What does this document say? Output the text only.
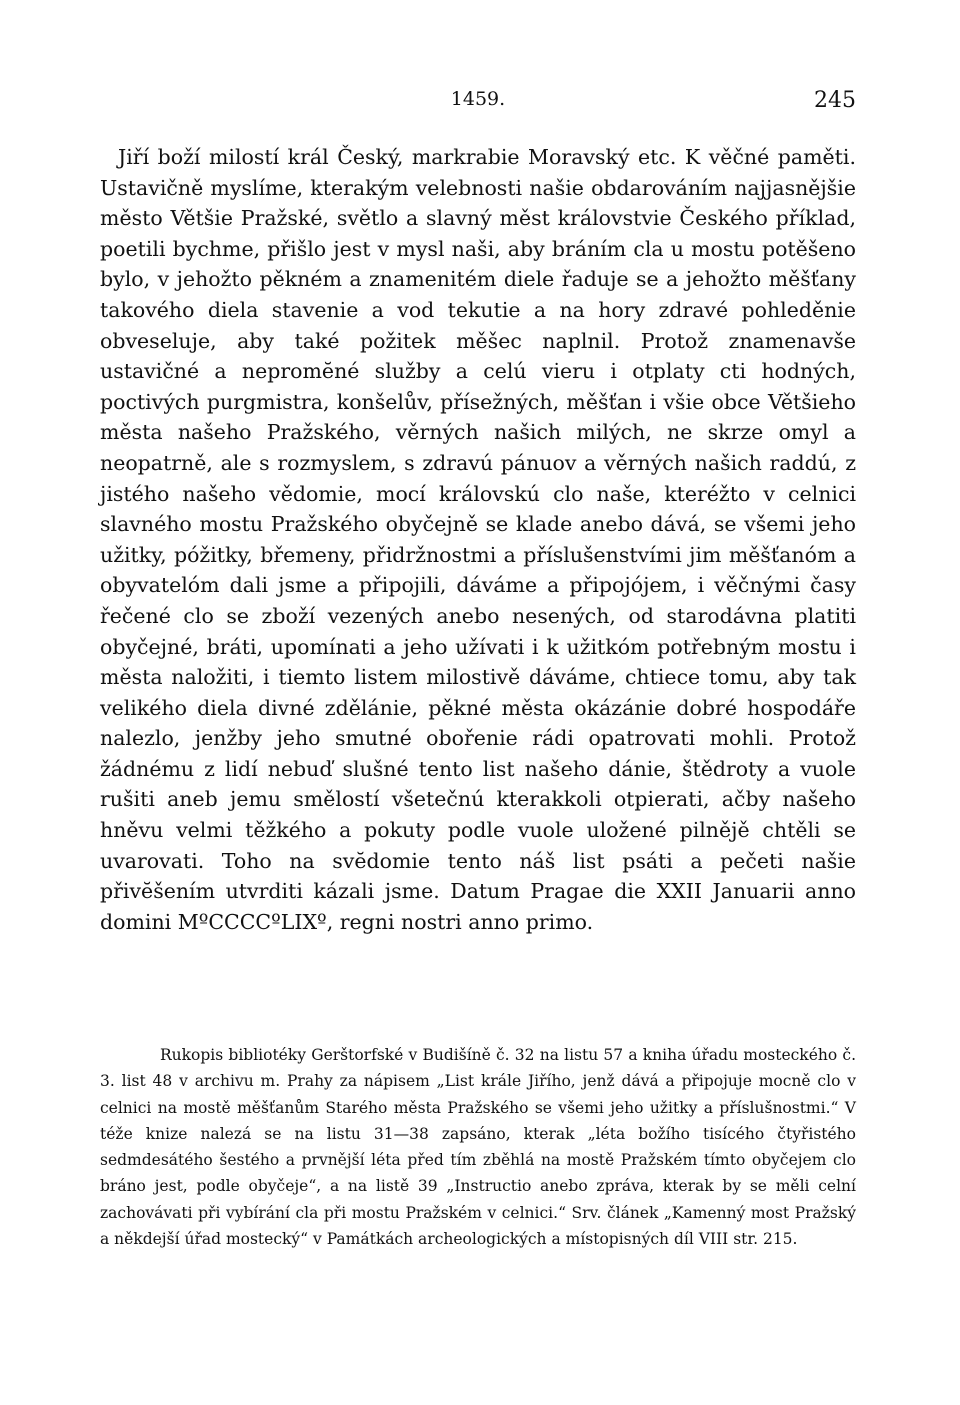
1459.	245

Jiří boží milostí král Český, markrabie Moravský etc. K věčné paměti. Ustavičně myslíme, kterakým velebnosti našie obdarováním najjasnějšie město Většie Pražské, světlo a slavný měst královstvie Českého příklad, poetili bychme, přišlo jest v mysl naši, aby bráním cla u mostu potěšeno bylo, v jehožto pěkném a znamenitém diele řaduje se a jehožto měšťany takového diela stavenie a vod tekutie a na hory zdravé pohleděnie obveseluje, aby také požitek měšec naplnil. Protož znamenavše ustavičné a nepromĕné služby a celú vieru i otplaty cti hodných, poctivých purgmistra, konšelův, přísežných, měšťan i všie obce Většieho města našeho Pražského, věrných našich milých, ne skrze omyl a neopatrně, ale s rozmyslem, s zdravú pánuov a věrných našich raddú, z jistého našeho vědomie, mocí královskú clo naše, kteréžto v celnici slavného mostu Pražského obyčejně se klade anebo dává, se všemi jeho užitky, póžitky, břemeny, přidržnostmi a příslušenstvími jim měšťanóm a obyvatelóm dali jsme a připojili, dáváme a připojójem, i věčnými časy řečené clo se zboží vezených anebo nesených, od starodávna platiti obyčejné, bráti, upomínati a jeho užívati i k užitkóm potřebným mostu i města naložiti, i tiemto listem milostivě dáváme, chtiece tomu, aby tak velikého diela divné zdělánie, pěkné města okázánie dobré hospodáře nalezlo, jenžby jeho smutné obořenie rádi opatrovati mohli. Protož žádnému z lidí nebuď slušné tento list našeho dánie, štědroty a vuole rušiti aneb jemu smělostí všetečnú kterakkoli otpierati, ačby našeho hněvu velmi těžkého a pokuty podle vuole uložené pilnějě chtěli se uvarovati. Toho na svĕdomie tento náš list psáti a pečeti našie přivĕšením utvrditi kázali jsme. Datum Pragae die XXII Januarii anno domini MºCCCCºLIXº, regni nostri anno primo.

Rukopis bibliotéky Gerštorfské v Budišíně č. 32 na listu 57 a kniha úřadu mosteckého č. 3. list 48 v archivu m. Prahy za nápisem „List krále Jiřího, jenž dává a připojuje mocně clo v celnici na mostě měšťanům Starého města Pražského se všemi jeho užitky a příslušnostmi.“ V téže knize nalezá se na listu 31—38 zapsáno, kterak „léta božího tisícého čtyřistého sedmdesátého šestého a prvnější léta před tím zběhlá na mostě Pražském tímto obyčejem clo bráno jest, podle obyčeje“, a na listě 39 „Instructio anebo zpráva, kterak by se měli celní zachovávati při vybírání cla při mostu Pražském v celnici.“ Srv. článek „Kamenný most Pražský a někdejší úřad mostecký“ v Památkách archeologických a místopisných díl VIII str. 215.
